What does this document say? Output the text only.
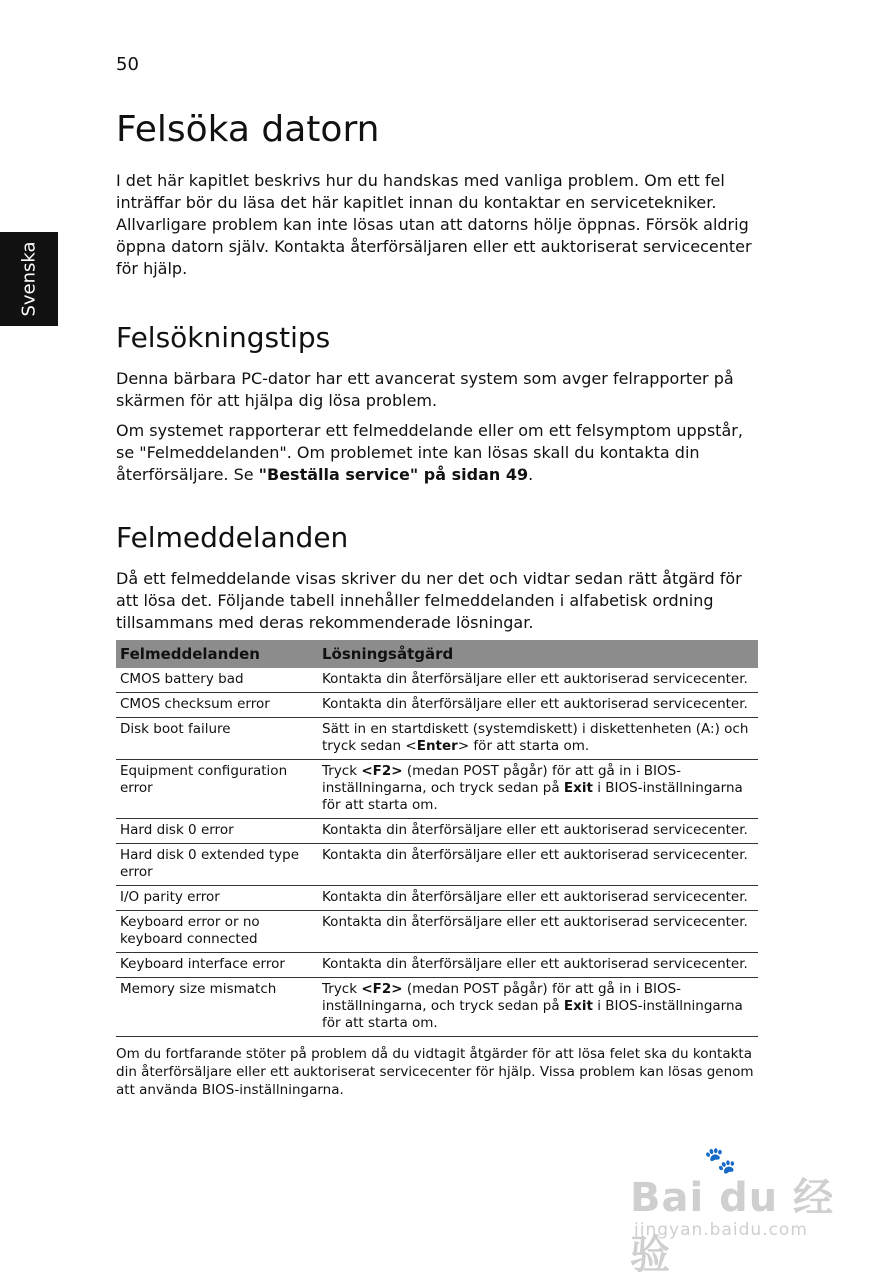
50
Svenska
Felsöka datorn

I det här kapitlet beskrivs hur du handskas med vanliga problem. Om ett fel inträffar bör du läsa det här kapitlet innan du kontaktar en servicetekniker. Allvarligare problem kan inte lösas utan att datorns hölje öppnas. Försök aldrig öppna datorn själv. Kontakta återförsäljaren eller ett auktoriserat servicecenter för hjälp.

Felsökningstips

Denna bärbara PC-dator har ett avancerat system som avger felrapporter på skärmen för att hjälpa dig lösa problem.

Om systemet rapporterar ett felmeddelande eller om ett felsymptom uppstår, se "Felmeddelanden". Om problemet inte kan lösas skall du kontakta din återförsäljare. Se "Beställa service" på sidan 49.

Felmeddelanden

Då ett felmeddelande visas skriver du ner det och vidtar sedan rätt åtgärd för att lösa det. Följande tabell innehåller felmeddelanden i alfabetisk ordning tillsammans med deras rekommenderade lösningar.

Felmeddelanden	Lösningsåtgärd
CMOS battery bad	Kontakta din återförsäljare eller ett auktoriserad servicecenter.
CMOS checksum error	Kontakta din återförsäljare eller ett auktoriserad servicecenter.
Disk boot failure	Sätt in en startdiskett (systemdiskett) i diskettenheten (A:) och tryck sedan <Enter> för att starta om.
Equipment configuration error	Tryck <F2> (medan POST pågår) för att gå in i BIOS-inställningarna, och tryck sedan på Exit i BIOS-inställningarna för att starta om.
Hard disk 0 error	Kontakta din återförsäljare eller ett auktoriserad servicecenter.
Hard disk 0 extended type error	Kontakta din återförsäljare eller ett auktoriserad servicecenter.
I/O parity error	Kontakta din återförsäljare eller ett auktoriserad servicecenter.
Keyboard error or no keyboard connected	Kontakta din återförsäljare eller ett auktoriserad servicecenter.
Keyboard interface error	Kontakta din återförsäljare eller ett auktoriserad servicecenter.
Memory size mismatch	Tryck <F2> (medan POST pågår) för att gå in i BIOS-inställningarna, och tryck sedan på Exit i BIOS-inställningarna för att starta om.

Om du fortfarande stöter på problem då du vidtagit åtgärder för att lösa felet ska du kontakta din återförsäljare eller ett auktoriserat servicecenter för hjälp. Vissa problem kan lösas genom att använda BIOS-inställningarna.

🐾
Bai du 经验
jingyan.baidu.com
